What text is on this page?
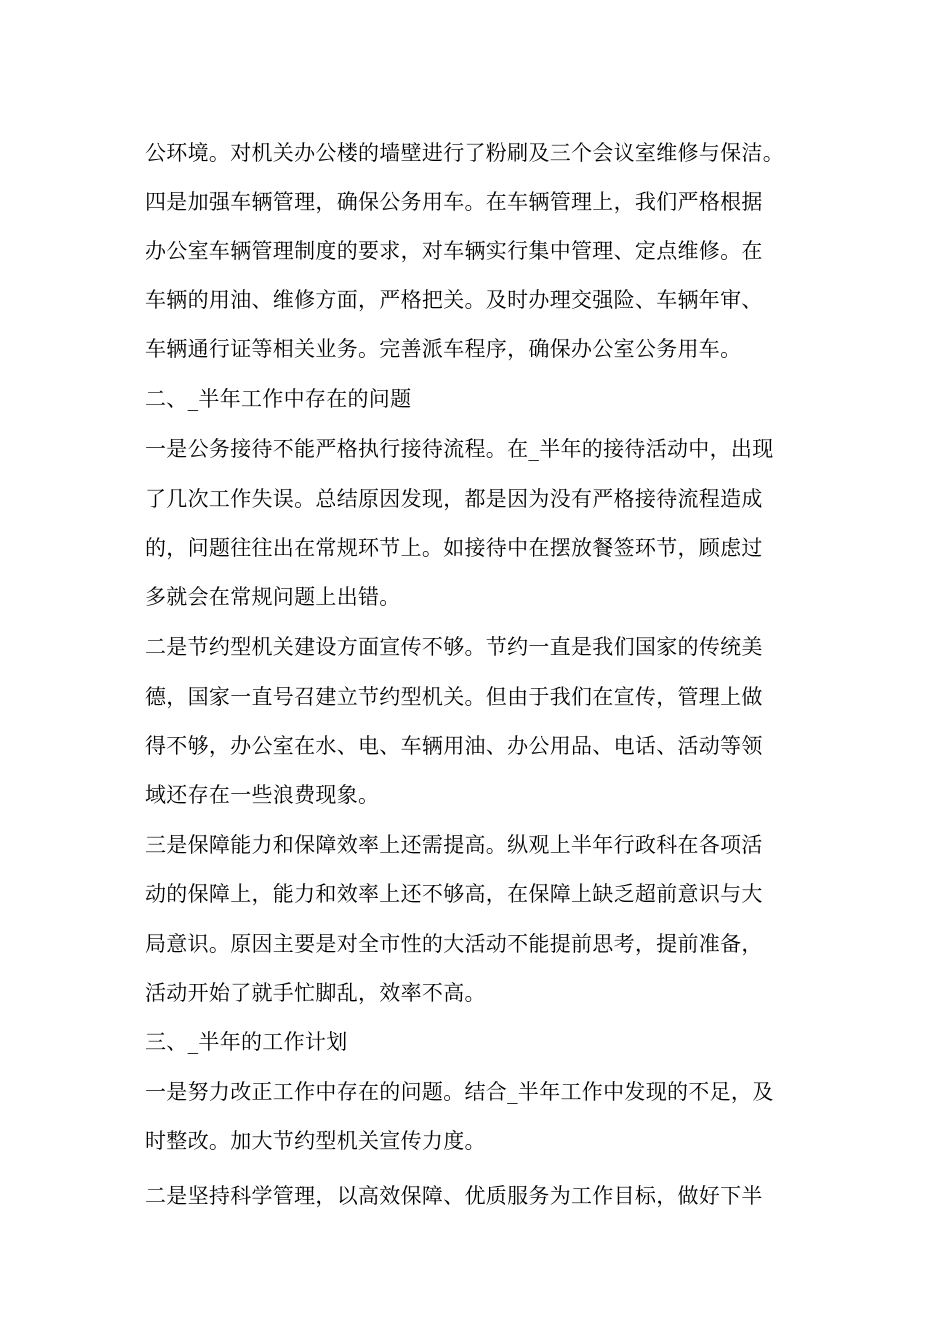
公环境。对机关办公楼的墙壁进行了粉刷及三个会议室维修与保洁。
四是加强车辆管理，确保公务用车。在车辆管理上，我们严格根据
办公室车辆管理制度的要求，对车辆实行集中管理、定点维修。在
车辆的用油、维修方面，严格把关。及时办理交强险、车辆年审、
车辆通行证等相关业务。完善派车程序，确保办公室公务用车。
二、_半年工作中存在的问题
一是公务接待不能严格执行接待流程。在_半年的接待活动中，出现
了几次工作失误。总结原因发现，都是因为没有严格接待流程造成
的，问题往往出在常规环节上。如接待中在摆放餐签环节，顾虑过
多就会在常规问题上出错。
二是节约型机关建设方面宣传不够。节约一直是我们国家的传统美
德，国家一直号召建立节约型机关。但由于我们在宣传，管理上做
得不够，办公室在水、电、车辆用油、办公用品、电话、活动等领
域还存在一些浪费现象。
三是保障能力和保障效率上还需提高。纵观上半年行政科在各项活
动的保障上，能力和效率上还不够高，在保障上缺乏超前意识与大
局意识。原因主要是对全市性的大活动不能提前思考，提前准备，
活动开始了就手忙脚乱，效率不高。
三、_半年的工作计划
一是努力改正工作中存在的问题。结合_半年工作中发现的不足，及
时整改。加大节约型机关宣传力度。
二是坚持科学管理，以高效保障、优质服务为工作目标，做好下半
